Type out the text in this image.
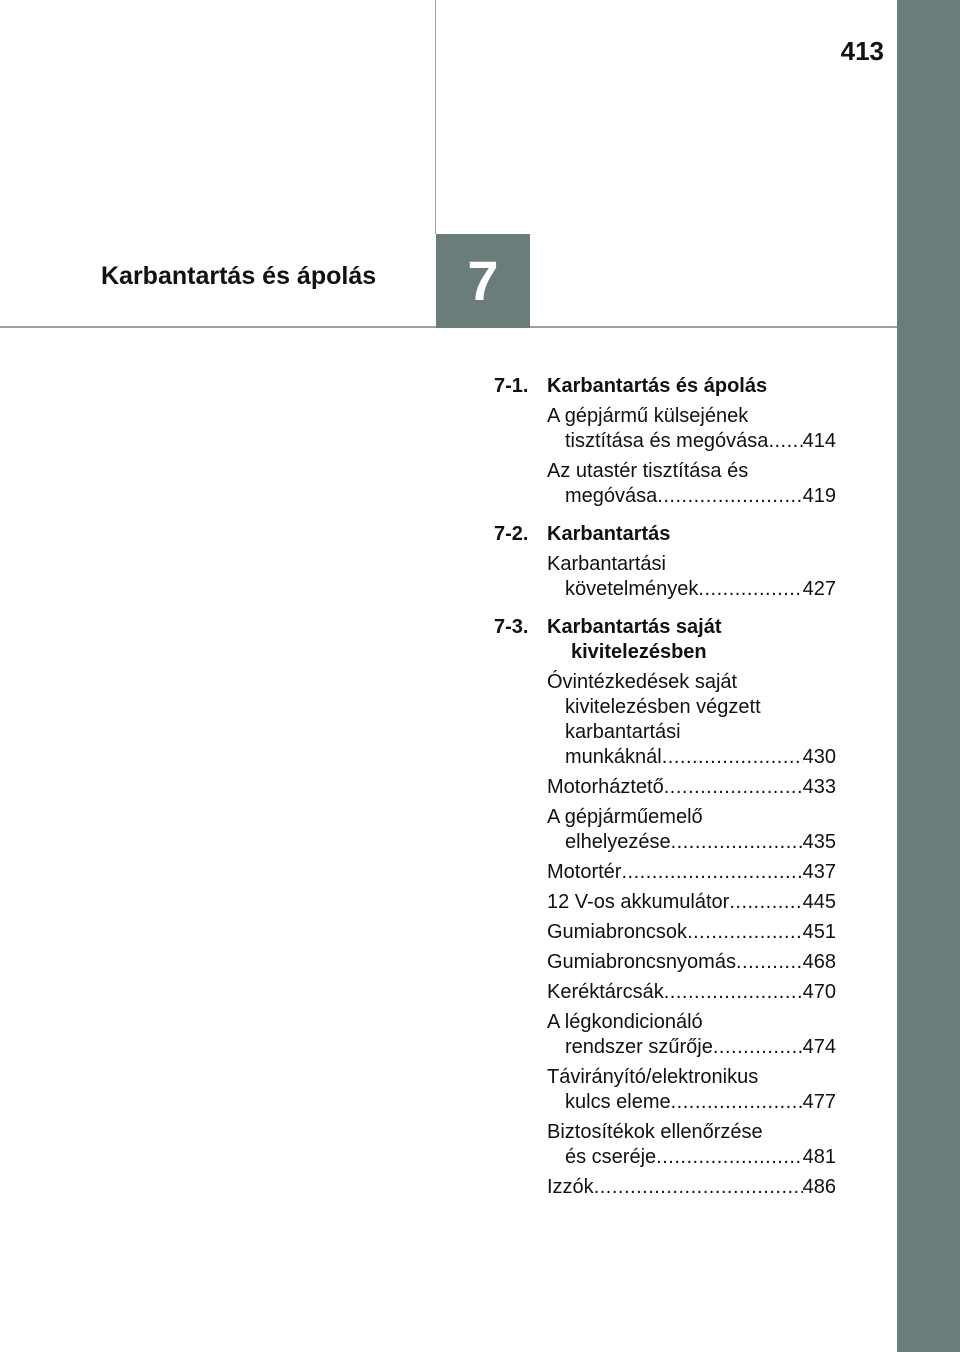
413
Karbantartás és ápolás 7
7-1. Karbantartás és ápolás
A gépjármű külsejének
tisztítása és megóvása ..... 414
Az utastér tisztítása és
megóvása .....	419
7-2. Karbantartás
Karbantartási
követelmények .....	427
7-3. Karbantartás saját kivitelezésben
Óvintézkedések saját
kivitelezésben végzett
karbantartási
munkáknál .....	430
Motorháztető .....	433
A gépjárműemelő
elhelyezése .....	435
Motortér .....	437
12 V-os akkumulátor .....	445
Gumiabroncsok .....	451
Gumiabroncsnyomás .....	468
Keréktárcsák .....	470
A légkondicionáló
rendszer szűrője .....	474
Távirányító/elektronikus
kulcs eleme .....	477
Biztosítékok ellenőrzése
és cseréje .....	481
Izzók .....	486
